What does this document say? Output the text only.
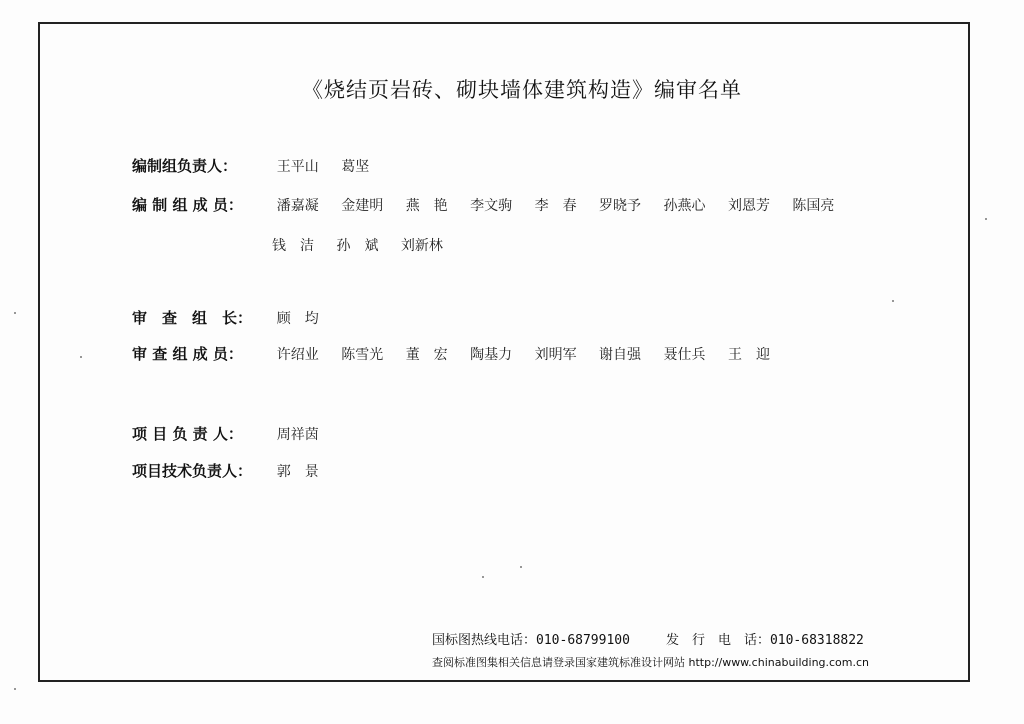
《烧结页岩砖、砌块墙体建筑构造》编审名单
编制组负责人：	王平山 葛坚
编 制 组 成 员： 潘嘉凝 金建明 燕　艳 李文驹 李　春 罗晓予 孙燕心 刘恩芳 陈国亮
钱　洁 孙　斌 刘新林
审　查　组　长： 顾　均
审 查 组 成 员： 许绍业 陈雪光 董　宏 陶基力 刘明军 谢自强 聂仕兵 王　迎
项 目 负 责 人： 周祥茵
项目技术负责人： 郭　景
国标图热线电话：010-68799100	发　行　电　话：010-68318822
查阅标准图集相关信息请登录国家建筑标准设计网站 http://www.chinabuilding.com.cn
